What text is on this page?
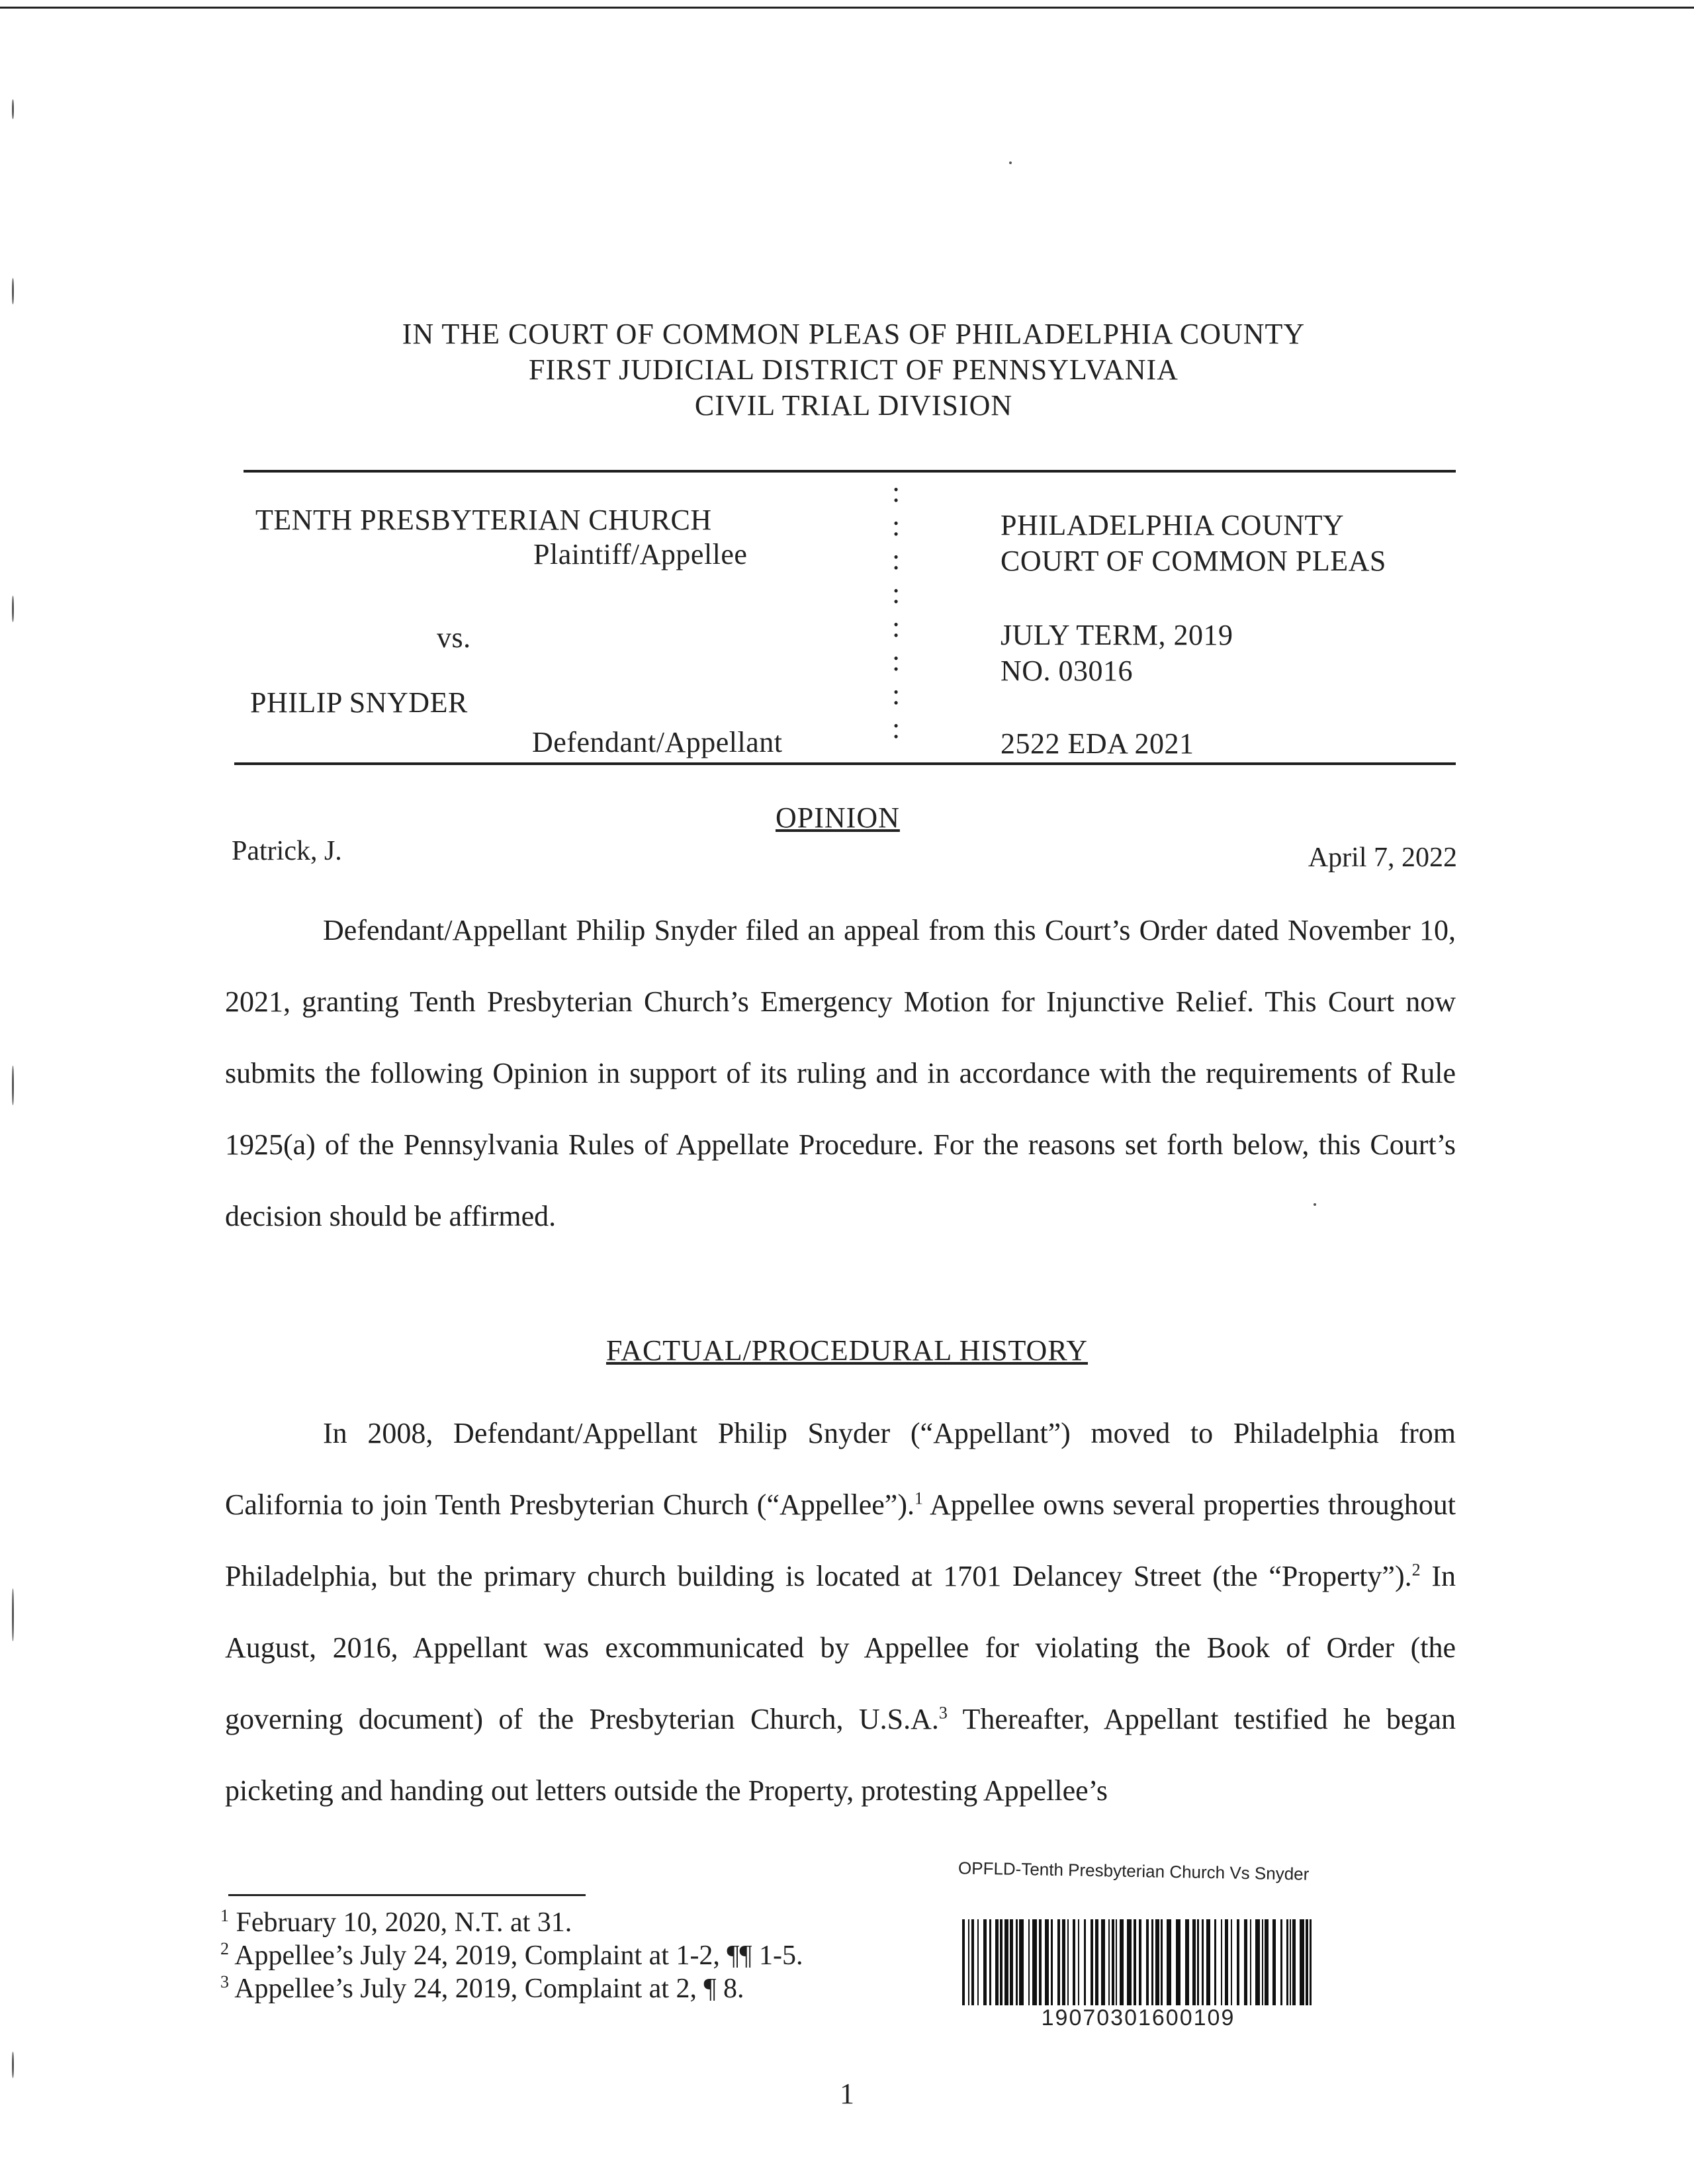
IN THE COURT OF COMMON PLEAS OF PHILADELPHIA COUNTY
FIRST JUDICIAL DISTRICT OF PENNSYLVANIA
CIVIL TRIAL DIVISION
:
:
:
:
:
:
:
:
TENTH PRESBYTERIAN CHURCH
Plaintiff/Appellee
vs.
PHILIP SNYDER
Defendant/Appellant
PHILADELPHIA COUNTY
COURT OF COMMON PLEAS
JULY TERM, 2019
NO. 03016
2522 EDA 2021
OPINION
Patrick, J.	April 7, 2022
Defendant/Appellant Philip Snyder filed an appeal from this Court’s Order dated November 10, 2021, granting Tenth Presbyterian Church’s Emergency Motion for Injunctive Relief. This Court now submits the following Opinion in support of its ruling and in accordance with the requirements of Rule 1925(a) of the Pennsylvania Rules of Appellate Procedure. For the reasons set forth below, this Court’s decision should be affirmed.
FACTUAL/PROCEDURAL HISTORY
In 2008, Defendant/Appellant Philip Snyder (“Appellant”) moved to Philadelphia from California to join Tenth Presbyterian Church (“Appellee”).$^1$ Appellee owns several properties throughout Philadelphia, but the primary church building is located at 1701 Delancey Street (the “Property”).$^2$ In August, 2016, Appellant was excommunicated by Appellee for violating the Book of Order (the governing document) of the Presbyterian Church, U.S.A.$^3$ Thereafter, Appellant testified he began picketing and handing out letters outside the Property, protesting Appellee’s
$^1$ February 10, 2020, N.T. at 31.
$^2$ Appellee’s July 24, 2019, Complaint at 1-2, ¶¶ 1-5.
$^3$ Appellee’s July 24, 2019, Complaint at 2, ¶ 8.
OPFLD-Tenth Presbyterian Church Vs Snyder
19070301600109
1
